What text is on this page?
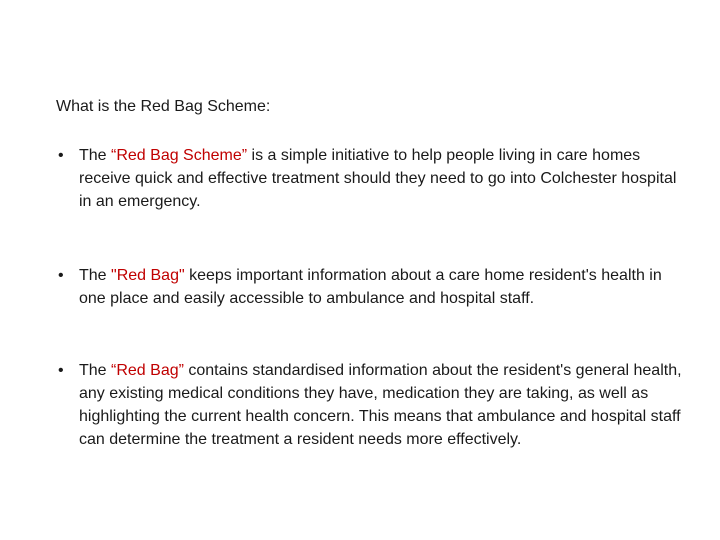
What is the Red Bag Scheme:
• The “Red Bag Scheme” is a simple initiative to help people living in care homes receive quick and effective treatment should they need to go into Colchester hospital in an emergency.
• The "Red Bag" keeps important information about a care home resident's health in one place and easily accessible to ambulance and hospital staff.
• The “Red Bag” contains standardised information about the resident's general health, any existing medical conditions they have, medication they are taking, as well as highlighting the current health concern. This means that ambulance and hospital staff can determine the treatment a resident needs more effectively.
